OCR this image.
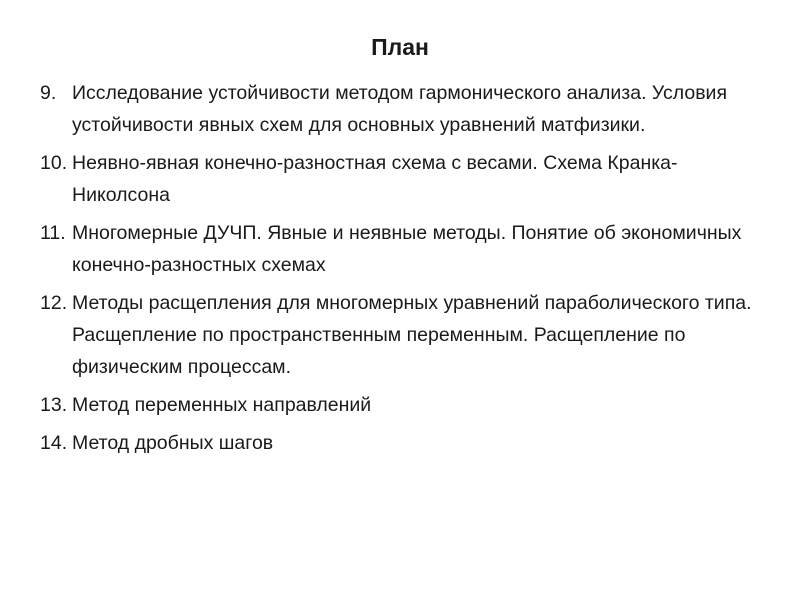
План
9. Исследование устойчивости методом гармонического анализа. Условия устойчивости явных схем для основных уравнений матфизики.
10. Неявно-явная конечно-разностная схема с весами. Схема Кранка-Николсона
11. Многомерные ДУЧП. Явные и неявные методы. Понятие об экономичных конечно-разностных схемах
12. Методы расщепления для многомерных уравнений параболического типа. Расщепление по пространственным переменным. Расщепление по физическим процессам.
13. Метод переменных направлений
14. Метод дробных шагов
